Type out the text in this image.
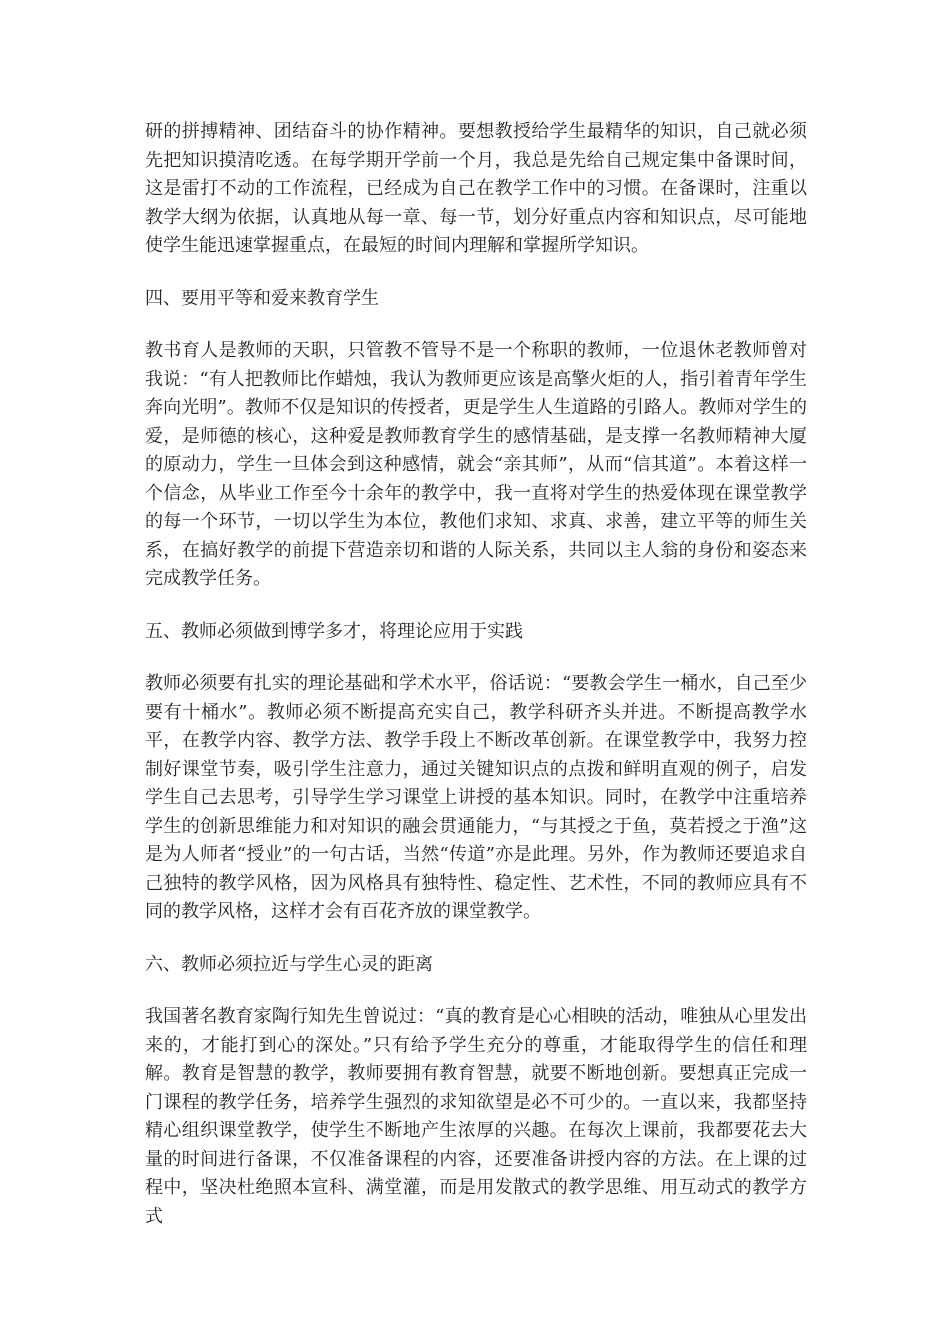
研的拼搏精神、团结奋斗的协作精神。要想教授给学生最精华的知识，自己就必须先把知识摸清吃透。在每学期开学前一个月，我总是先给自己规定集中备课时间，这是雷打不动的工作流程，已经成为自己在教学工作中的习惯。在备课时，注重以教学大纲为依据，认真地从每一章、每一节，划分好重点内容和知识点，尽可能地使学生能迅速掌握重点，在最短的时间内理解和掌握所学知识。

四、要用平等和爱来教育学生

教书育人是教师的天职，只管教不管导不是一个称职的教师，一位退休老教师曾对我说：“有人把教师比作蜡烛，我认为教师更应该是高擎火炬的人，指引着青年学生奔向光明”。教师不仅是知识的传授者，更是学生人生道路的引路人。教师对学生的爱，是师德的核心，这种爱是教师教育学生的感情基础，是支撑一名教师精神大厦的原动力，学生一旦体会到这种感情，就会“亲其师”，从而“信其道”。本着这样一个信念，从毕业工作至今十余年的教学中，我一直将对学生的热爱体现在课堂教学的每一个环节，一切以学生为本位，教他们求知、求真、求善，建立平等的师生关系，在搞好教学的前提下营造亲切和谐的人际关系，共同以主人翁的身份和姿态来完成教学任务。

五、教师必须做到博学多才，将理论应用于实践

教师必须要有扎实的理论基础和学术水平，俗话说：“要教会学生一桶水，自己至少要有十桶水”。教师必须不断提高充实自己，教学科研齐头并进。不断提高教学水平，在教学内容、教学方法、教学手段上不断改革创新。在课堂教学中，我努力控制好课堂节奏，吸引学生注意力，通过关键知识点的点拨和鲜明直观的例子，启发学生自己去思考，引导学生学习课堂上讲授的基本知识。同时，在教学中注重培养学生的创新思维能力和对知识的融会贯通能力，“与其授之于鱼，莫若授之于渔”这是为人师者“授业”的一句古话，当然“传道”亦是此理。另外，作为教师还要追求自己独特的教学风格，因为风格具有独特性、稳定性、艺术性，不同的教师应具有不同的教学风格，这样才会有百花齐放的课堂教学。

六、教师必须拉近与学生心灵的距离

我国著名教育家陶行知先生曾说过：“真的教育是心心相映的活动，唯独从心里发出来的，才能打到心的深处。”只有给予学生充分的尊重，才能取得学生的信任和理解。教育是智慧的教学，教师要拥有教育智慧，就要不断地创新。要想真正完成一门课程的教学任务，培养学生强烈的求知欲望是必不可少的。一直以来，我都坚持精心组织课堂教学，使学生不断地产生浓厚的兴趣。在每次上课前，我都要花去大量的时间进行备课，不仅准备课程的内容，还要准备讲授内容的方法。在上课的过程中，坚决杜绝照本宣科、满堂灌，而是用发散式的教学思维、用互动式的教学方式
